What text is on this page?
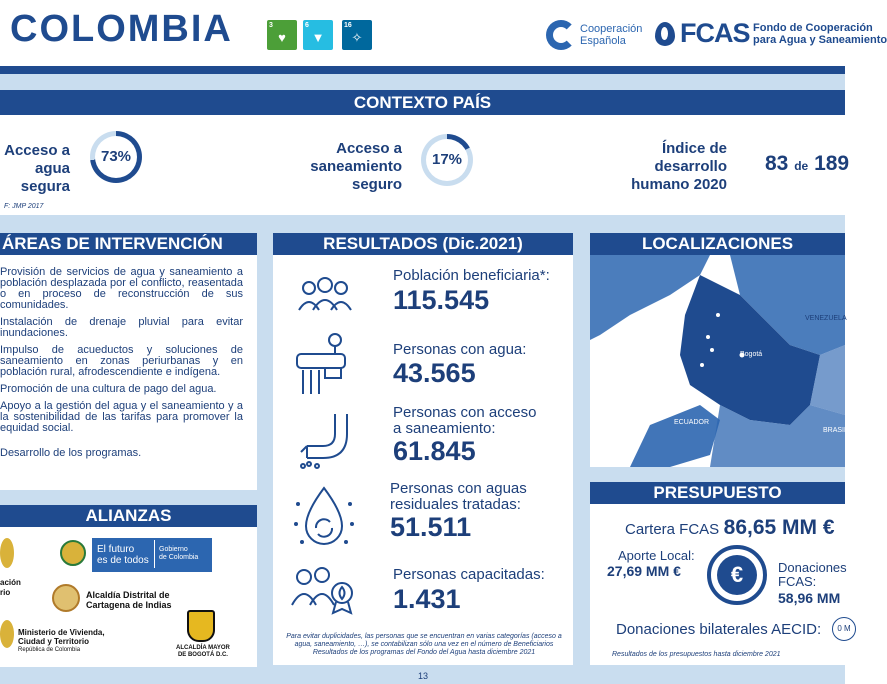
COLOMBIA	3
♥
6
▼
16
✧
Cooperación
Española	FCAS Fondo de Cooperación
para Agua y Saneamiento
CONTEXTO PAÍS
Acceso a
agua
segura
73%	Acceso a
saneamiento
seguro
17%
Índice de
desarrollo
humano 2020
83 de 189
F: JMP 2017
ÁREAS DE INTERVENCIÓN

Provisión de servicios de agua y saneamiento a población desplazada por el conflicto, reasentada o en proceso de reconstrucción de sus comunidades.

Instalación de drenaje pluvial para evitar inundaciones.

Impulso de acueductos y soluciones de saneamiento en zonas periurbanas y en población rural, afrodescendiente e indígena.

Promoción de una cultura de pago del agua.

Apoyo a la gestión del agua y el saneamiento y a la sostenibilidad de las tarifas para promover la equidad social.

Desarrollo de los programas.

ALIANZAS
ación
rio
El futuro
es de todos
Gobierno
de Colombia
Alcaldía Distrital de
Cartagena de Indias
Ministerio de Vivienda,
Ciudad y Territorio
República de Colombia	ALCALDÍA MAYOR
DE BOGOTÁ D.C.
RESULTADOS (Dic.2021)
Población beneficiaria*:
115.545
Personas con agua:
43.565
Personas con acceso
a saneamiento:
61.845
Personas con aguas
residuales tratadas:
51.511
Personas capacitadas:
1.431
Para evitar duplicidades, las personas que se encuentran en varias categorías (acceso a
agua, saneamiento, …), se contabilizan sólo una vez en el número de Beneficiarios
Resultados de los programas del Fondo del Agua hasta diciembre 2021
LOCALIZACIONES
VENEZUELA
Bogotá
ECUADOR
BRASIL
PRESUPUESTO
Cartera FCAS 86,65 MM €
Aporte Local:
27,69 MM €	€	Donaciones
FCAS:
58,96 MM
Donaciones bilaterales AECID:	0 M
Resultados de los presupuestos hasta diciembre 2021
13
